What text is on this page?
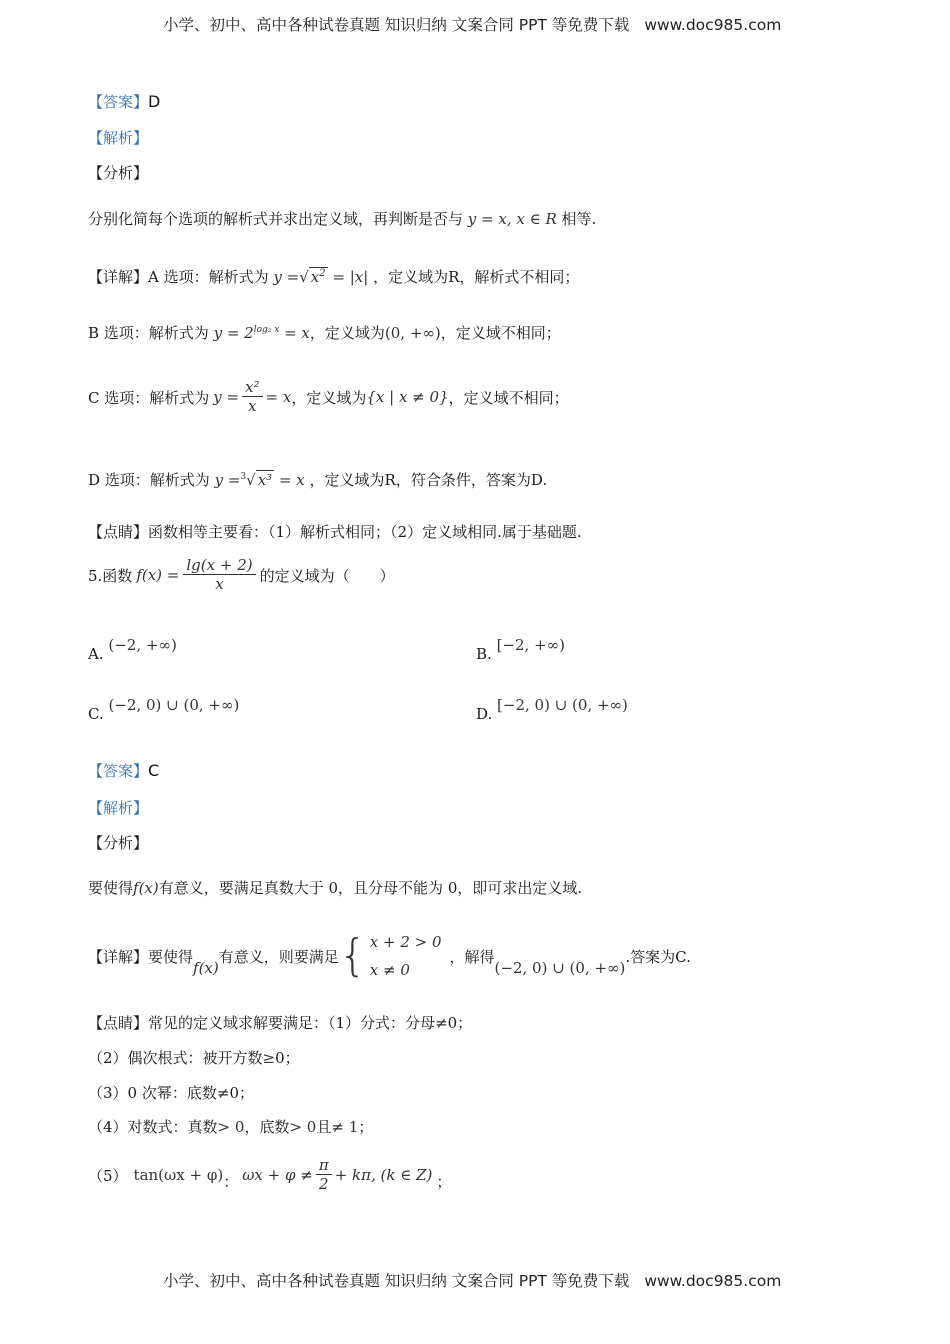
小学、初中、高中各种试卷真题 知识归纳 文案合同 PPT 等免费下载 www.doc985.com
【答案】D
【解析】
【分析】
分别化简每个选项的解析式并求出定义域，再判断是否与 y = x, x ∈ R 相等.
【详解】A 选项：解析式为 y =√ $x^2 = |x|$ ，定义域为R，解析式不相同；
B 选项：解析式为 $y = 2^{log_2 x} = x$，定义域为(0, +∞)，定义域不相同；
C 选项：解析式为 $y = \frac{\text{x²}}{x} = x$ ，定义域为 {x | x ≠ 0} ，定义域不相同；
D 选项：解析式为 y =$^3$√ x³ = x ，定义域为R，符合条件，答案为D.
【点睛】函数相等主要看：（1）解析式相同；（2）定义域相同.属于基础题.
5.函数 $f(x) = \frac{\lg(x + 2)}{x}$ 的定义域为（　　）
A. (−2, +∞)	B. [−2, +∞)
C. (−2, 0) ∪ (0, +∞)	D. [−2, 0) ∪ (0, +∞)
【答案】C
【解析】
【分析】
要使得f(x)有意义，要满足真数大于 0，且分母不能为 0，即可求出定义域.
【详解】 要使得
f(x)
有意义，则要满足 { x + 2 > 0
x ≠ 0
，解得
(−2, 0) ∪ (0, +∞)
.答案为C.
【点睛】常见的定义域求解要满足：（1）分式：分母≠0；
（2）偶次根式：被开方数≥0；
（3）0 次幂：底数≠0；
（4）对数式：真数> 0，底数> 0且≠ 1；
（5） tan(ωx + φ) ： $\omega x + \varphi \ne \frac{\pi}{2} + k\pi$, (k ∈ Z) ；
小学、初中、高中各种试卷真题 知识归纳 文案合同 PPT 等免费下载 www.doc985.com
